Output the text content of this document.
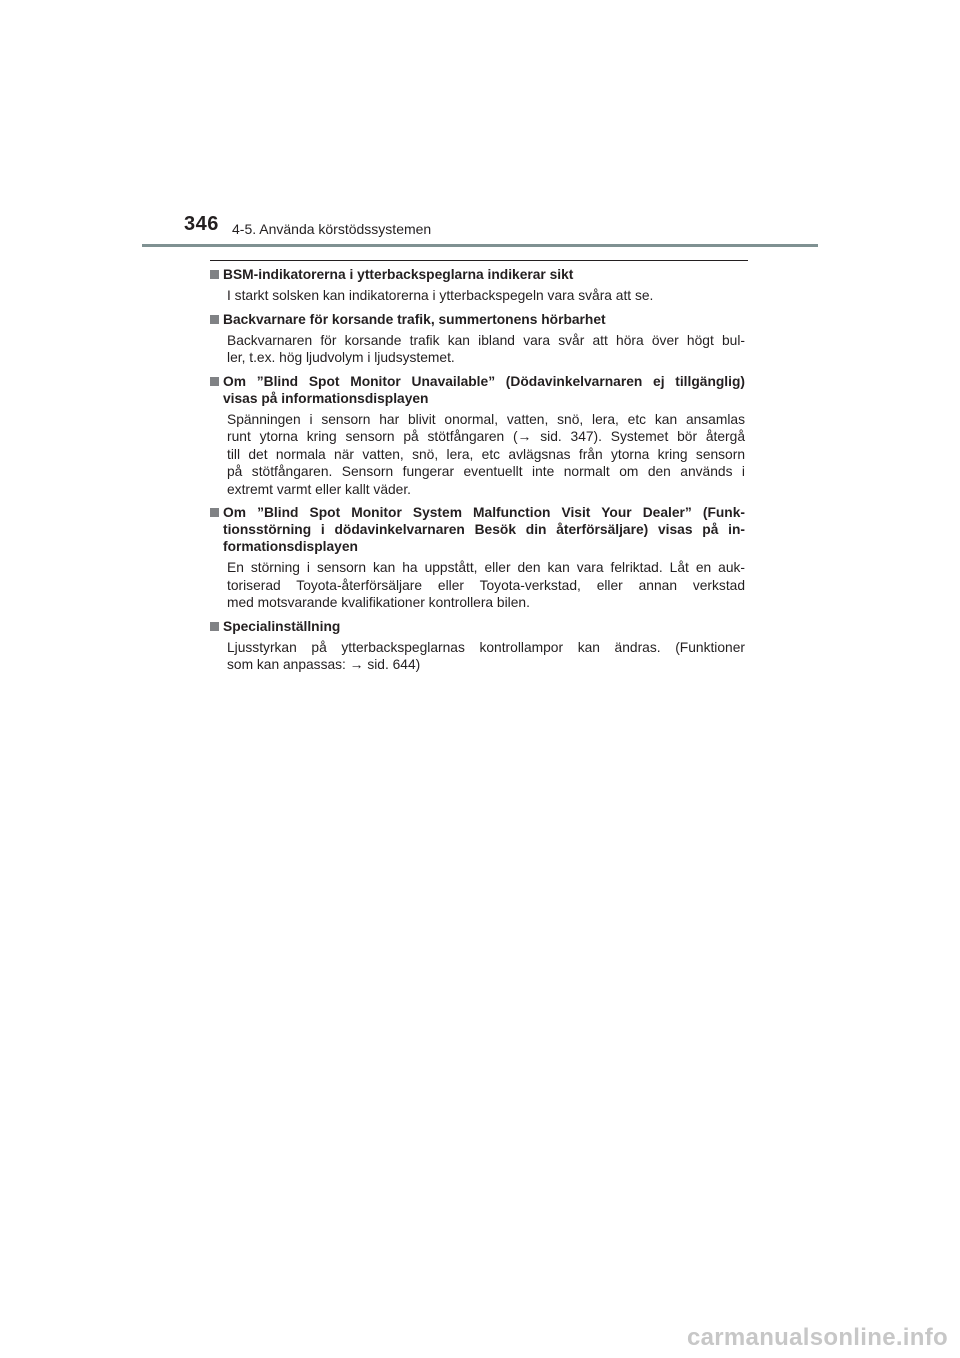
346 4-5. Använda körstödssystemen
BSM-indikatorerna i ytterbackspeglarna indikerar sikt
I starkt solsken kan indikatorerna i ytterbackspegeln vara svåra att se.
Backvarnare för korsande trafik, summertonens hörbarhet
Backvarnaren för korsande trafik kan ibland vara svår att höra över högt bul-
ler, t.ex. hög ljudvolym i ljudsystemet.
Om ”Blind Spot Monitor Unavailable” (Dödavinkelvarnaren ej tillgänglig)
visas på informationsdisplayen
Spänningen i sensorn har blivit onormal, vatten, snö, lera, etc kan ansamlas
runt ytorna kring sensorn på stötfångaren (→ sid. 347). Systemet bör återgå
till det normala när vatten, snö, lera, etc avlägsnas från ytorna kring sensorn
på stötfångaren. Sensorn fungerar eventuellt inte normalt om den används i
extremt varmt eller kallt väder.
Om ”Blind Spot Monitor System Malfunction Visit Your Dealer” (Funk-
tionsstörning i dödavinkelvarnaren Besök din återförsäljare) visas på in-
formationsdisplayen
En störning i sensorn kan ha uppstått, eller den kan vara felriktad. Låt en auk-
toriserad Toyota-återförsäljare eller Toyota-verkstad, eller annan verkstad
med motsvarande kvalifikationer kontrollera bilen.
Specialinställning
Ljusstyrkan på ytterbackspeglarnas kontrollampor kan ändras. (Funktioner
som kan anpassas: → sid. 644)
carmanualsonline.info
